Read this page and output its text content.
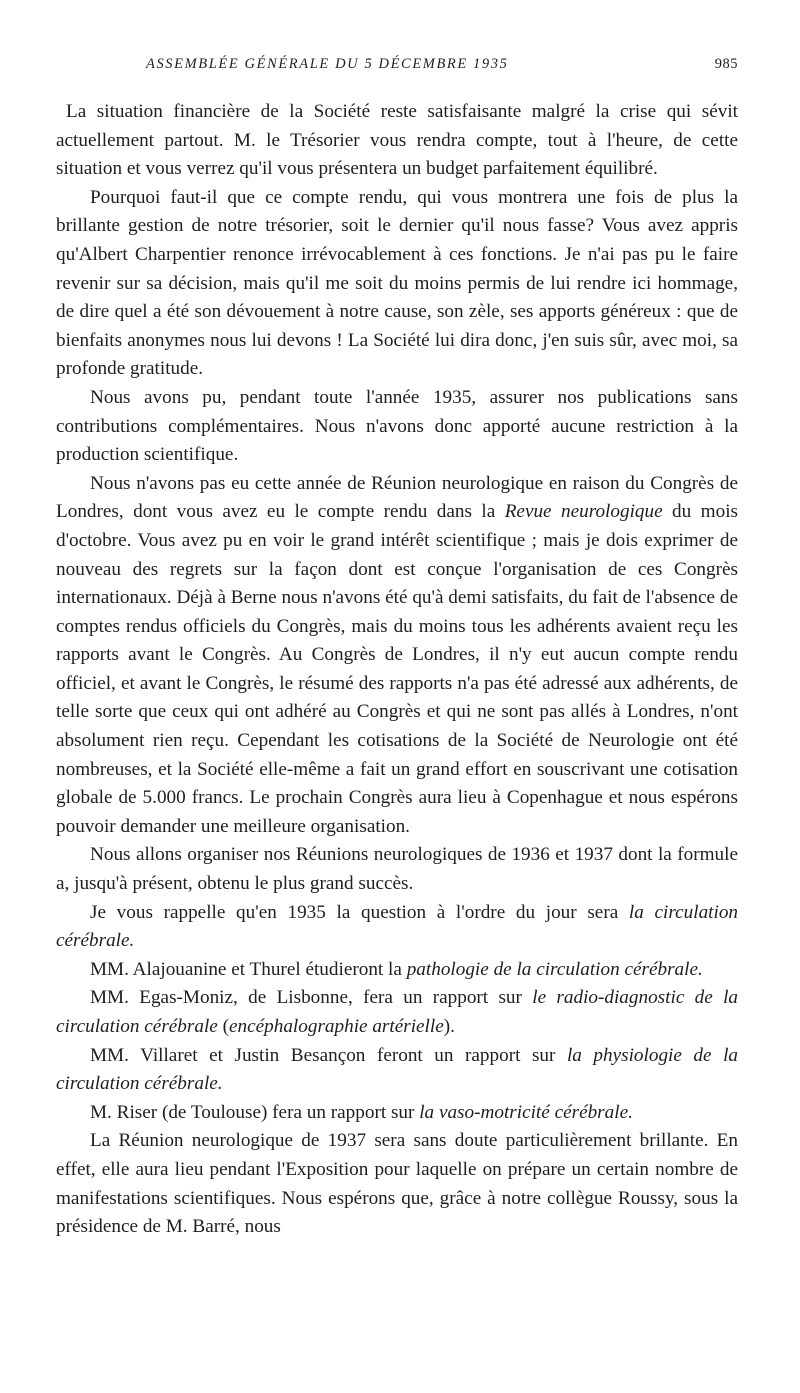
ASSEMBLÉE GÉNÉRALE DU 5 DÉCEMBRE 1935	985

La situation financière de la Société reste satisfaisante malgré la crise qui sévit actuellement partout. M. le Trésorier vous rendra compte, tout à l'heure, de cette situation et vous verrez qu'il vous présentera un budget parfaitement équilibré.

Pourquoi faut-il que ce compte rendu, qui vous montrera une fois de plus la brillante gestion de notre trésorier, soit le dernier qu'il nous fasse? Vous avez appris qu'Albert Charpentier renonce irrévocablement à ces fonctions. Je n'ai pas pu le faire revenir sur sa décision, mais qu'il me soit du moins permis de lui rendre ici hommage, de dire quel a été son dévouement à notre cause, son zèle, ses apports généreux : que de bienfaits anonymes nous lui devons ! La Société lui dira donc, j'en suis sûr, avec moi, sa profonde gratitude.

Nous avons pu, pendant toute l'année 1935, assurer nos publications sans contributions complémentaires. Nous n'avons donc apporté aucune restriction à la production scientifique.

Nous n'avons pas eu cette année de Réunion neurologique en raison du Congrès de Londres, dont vous avez eu le compte rendu dans la Revue neurologique du mois d'octobre. Vous avez pu en voir le grand intérêt scientifique ; mais je dois exprimer de nouveau des regrets sur la façon dont est conçue l'organisation de ces Congrès internationaux. Déjà à Berne nous n'avons été qu'à demi satisfaits, du fait de l'absence de comptes rendus officiels du Congrès, mais du moins tous les adhérents avaient reçu les rapports avant le Congrès. Au Congrès de Londres, il n'y eut aucun compte rendu officiel, et avant le Congrès, le résumé des rapports n'a pas été adressé aux adhérents, de telle sorte que ceux qui ont adhéré au Congrès et qui ne sont pas allés à Londres, n'ont absolument rien reçu. Cependant les cotisations de la Société de Neurologie ont été nombreuses, et la Société elle-même a fait un grand effort en souscrivant une cotisation globale de 5.000 francs. Le prochain Congrès aura lieu à Copenhague et nous espérons pouvoir demander une meilleure organisation.

Nous allons organiser nos Réunions neurologiques de 1936 et 1937 dont la formule a, jusqu'à présent, obtenu le plus grand succès.

Je vous rappelle qu'en 1935 la question à l'ordre du jour sera la circulation cérébrale.

MM. Alajouanine et Thurel étudieront la pathologie de la circulation cérébrale.

MM. Egas-Moniz, de Lisbonne, fera un rapport sur le radio-diagnostic de la circulation cérébrale (encéphalographie artérielle).

MM. Villaret et Justin Besançon feront un rapport sur la physiologie de la circulation cérébrale.

M. Riser (de Toulouse) fera un rapport sur la vaso-motricité cérébrale.

La Réunion neurologique de 1937 sera sans doute particulièrement brillante. En effet, elle aura lieu pendant l'Exposition pour laquelle on prépare un certain nombre de manifestations scientifiques. Nous espérons que, grâce à notre collègue Roussy, sous la présidence de M. Barré, nous
